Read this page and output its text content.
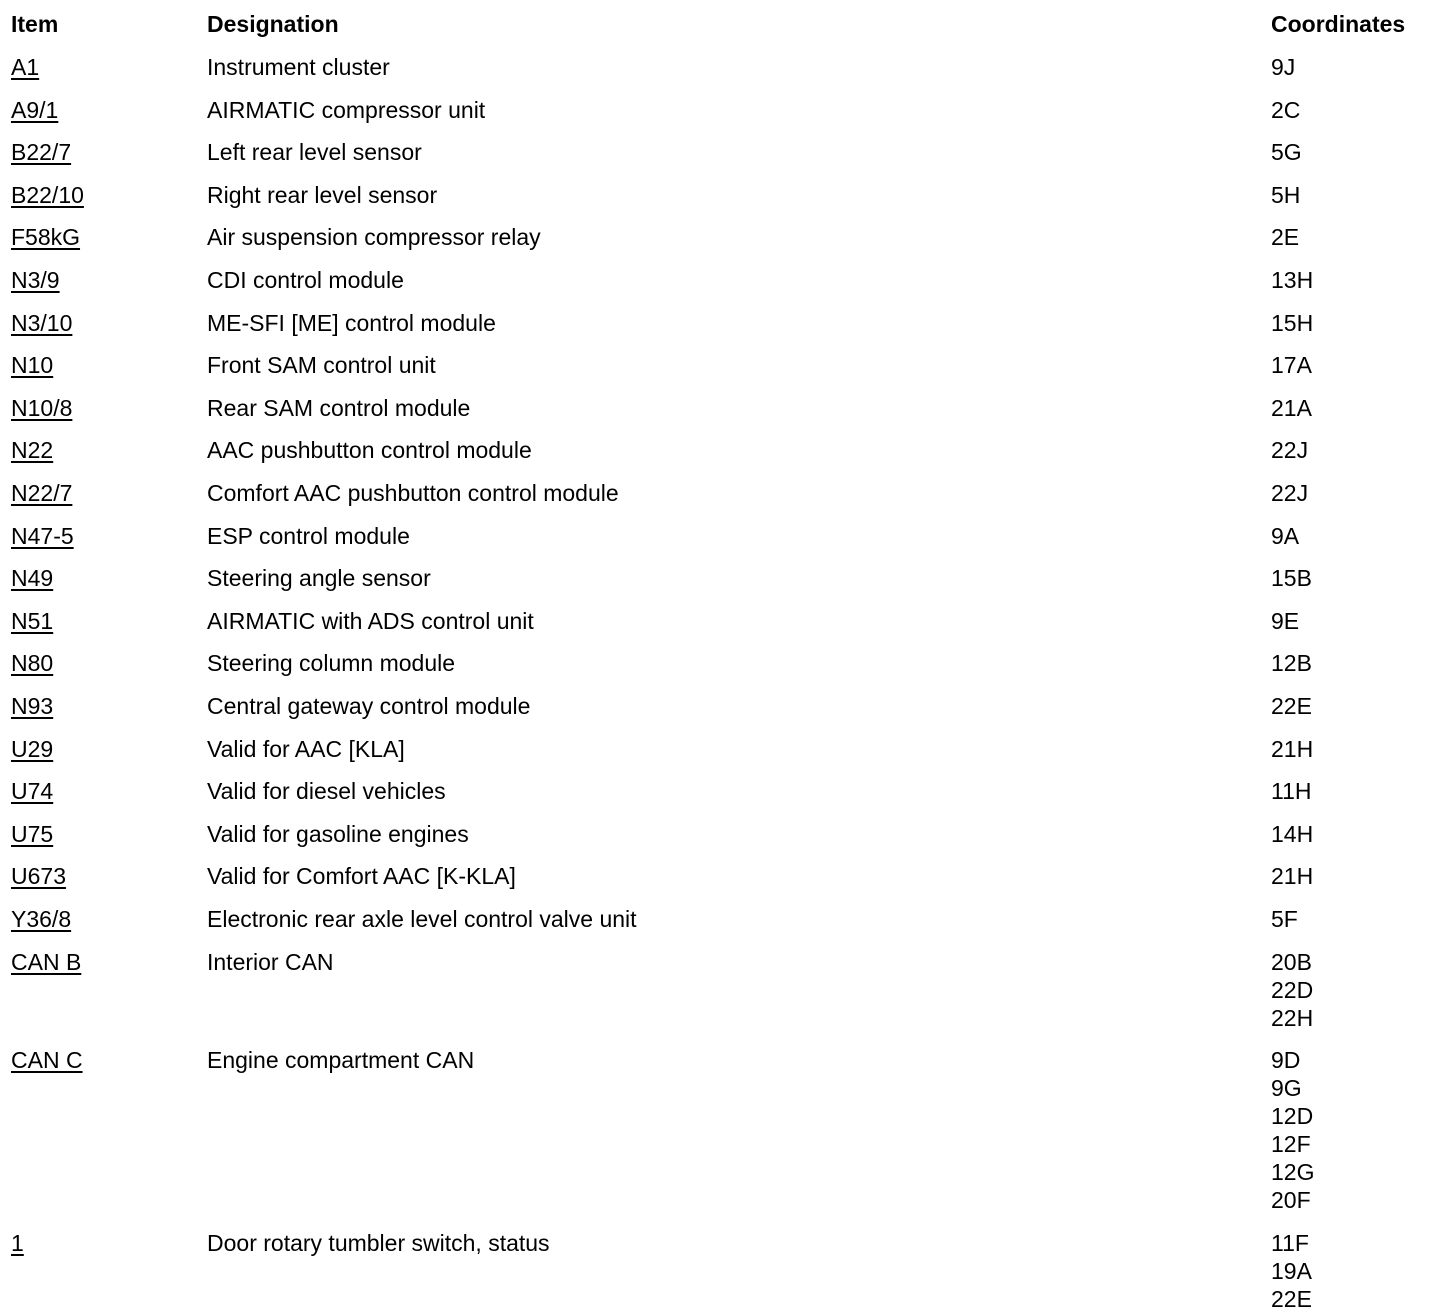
Item	Designation	Coordinates
A1	Instrument cluster	9J
A9/1	AIRMATIC compressor unit	2C
B22/7	Left rear level sensor	5G
B22/10	Right rear level sensor	5H
F58kG	Air suspension compressor relay	2E
N3/9	CDI control module	13H
N3/10	ME-SFI [ME] control module	15H
N10	Front SAM control unit	17A
N10/8	Rear SAM control module	21A
N22	AAC pushbutton control module	22J
N22/7	Comfort AAC pushbutton control module	22J
N47-5	ESP control module	9A
N49	Steering angle sensor	15B
N51	AIRMATIC with ADS control unit	9E
N80	Steering column module	12B
N93	Central gateway control module	22E
U29	Valid for AAC [KLA]	21H
U74	Valid for diesel vehicles	11H
U75	Valid for gasoline engines	14H
U673	Valid for Comfort AAC [K-KLA]	21H
Y36/8	Electronic rear axle level control valve unit	5F
CAN B	Interior CAN	20B
22D
22H
CAN C	Engine compartment CAN	9D
9G
12D
12F
12G
20F
1	Door rotary tumbler switch, status	11F
19A
22E
